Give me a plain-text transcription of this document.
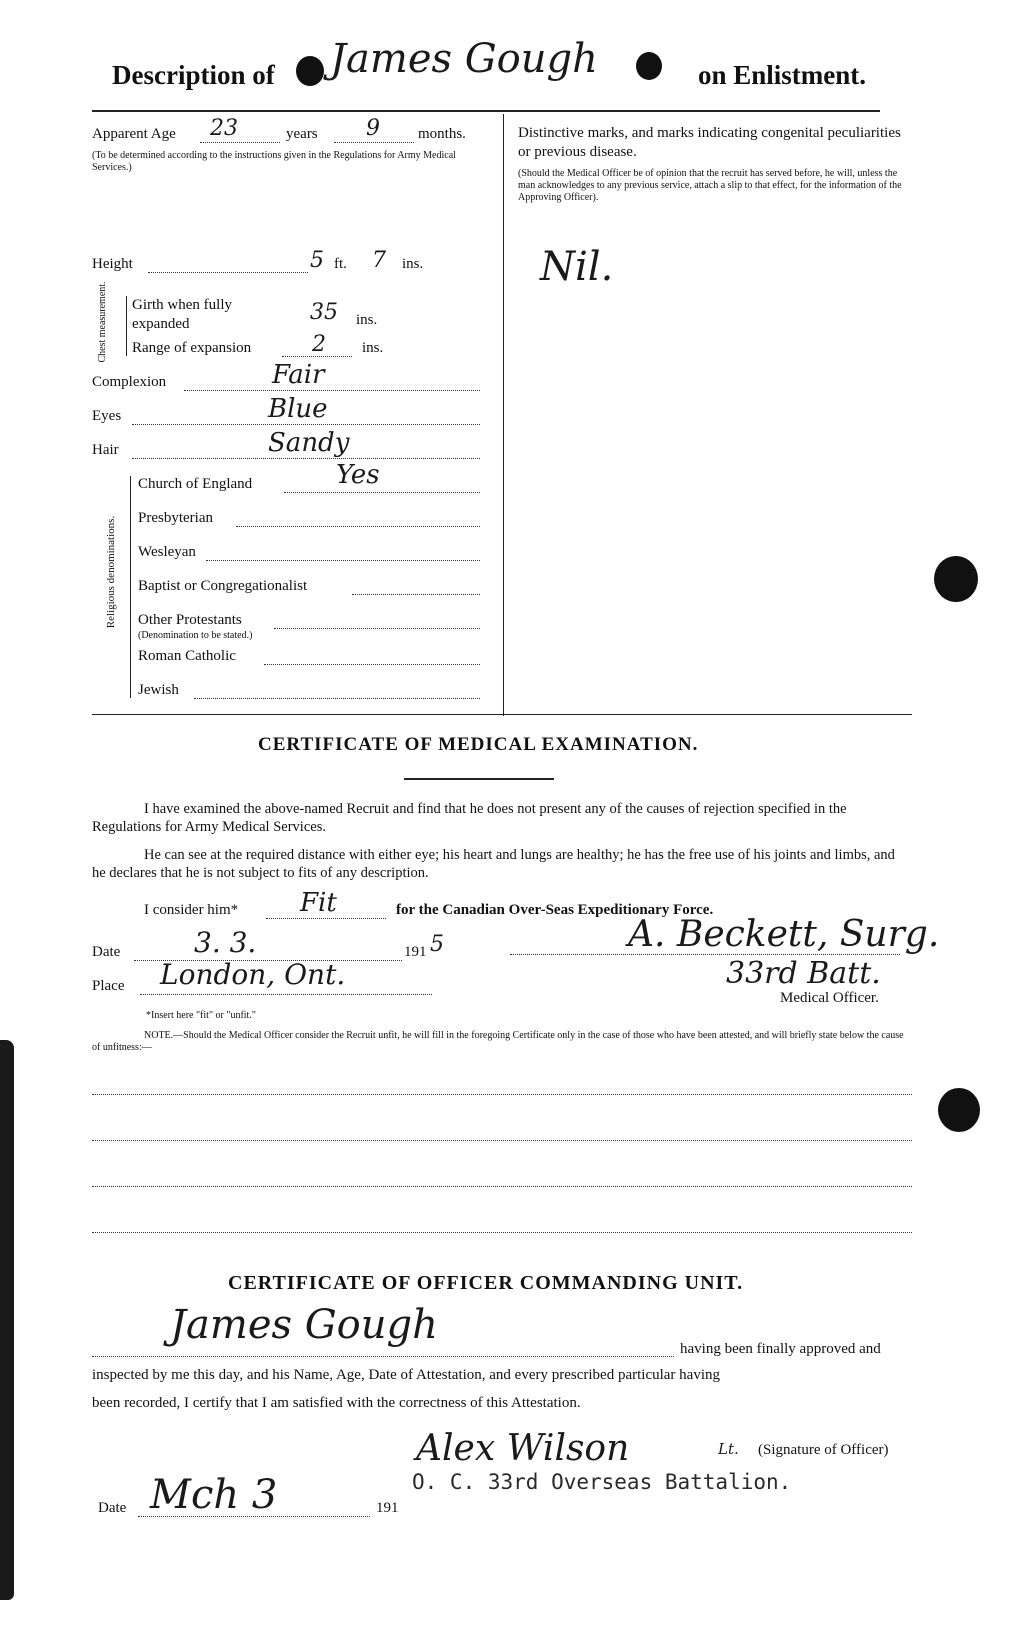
Description of James Gough	on Enlistment.
Apparent Age 23	years 9	months.
(To be determined according to the instructions given in the Regulations for Army Medical Services.)
Height	5 ft. 7 ins.
Chest measurement. Girth when fully expanded	35 ins.
Range of expansion	2 ins.
Complexion	Fair
Eyes	Blue
Hair	Sandy
Religious denominations.
Church of England	Yes
Presbyterian
Wesleyan
Baptist or Congregationalist
Other Protestants
(Denomination to be stated.)
Roman Catholic
Jewish
Distinctive marks, and marks indicating congenital peculiarities or previous disease.
(Should the Medical Officer be of opinion that the recruit has served before, he will, unless the man acknowledges to any previous service, attach a slip to that effect, for the information of the Approving Officer).
Nil.
CERTIFICATE OF MEDICAL EXAMINATION.
I have examined the above-named Recruit and find that he does not present any of the causes of rejection specified in the Regulations for Army Medical Services.
He can see at the required distance with either eye; his heart and lungs are healthy; he has the free use of his joints and limbs, and he declares that he is not subject to fits of any description.
I consider him* Fit	for the Canadian Over-Seas Expeditionary Force.
Date	3. 3.	191 5
Place London, Ont.
A. Beckett, Surg.
33rd Batt.
Medical Officer.
*Insert here "fit" or "unfit."
NOTE.—Should the Medical Officer consider the Recruit unfit, he will fill in the foregoing Certificate only in the case of those who have been attested, and will briefly state below the cause of unfitness:—
CERTIFICATE OF OFFICER COMMANDING UNIT.
James Gough
having been finally approved and
inspected by me this day, and his Name, Age, Date of Attestation, and every prescribed particular having
been recorded, I certify that I am satisfied with the correctness of this Attestation.
Alex Wilson	Lt. (Signature of Officer)
O. C. 33rd Overseas Battalion.
Date Mch 3	191
